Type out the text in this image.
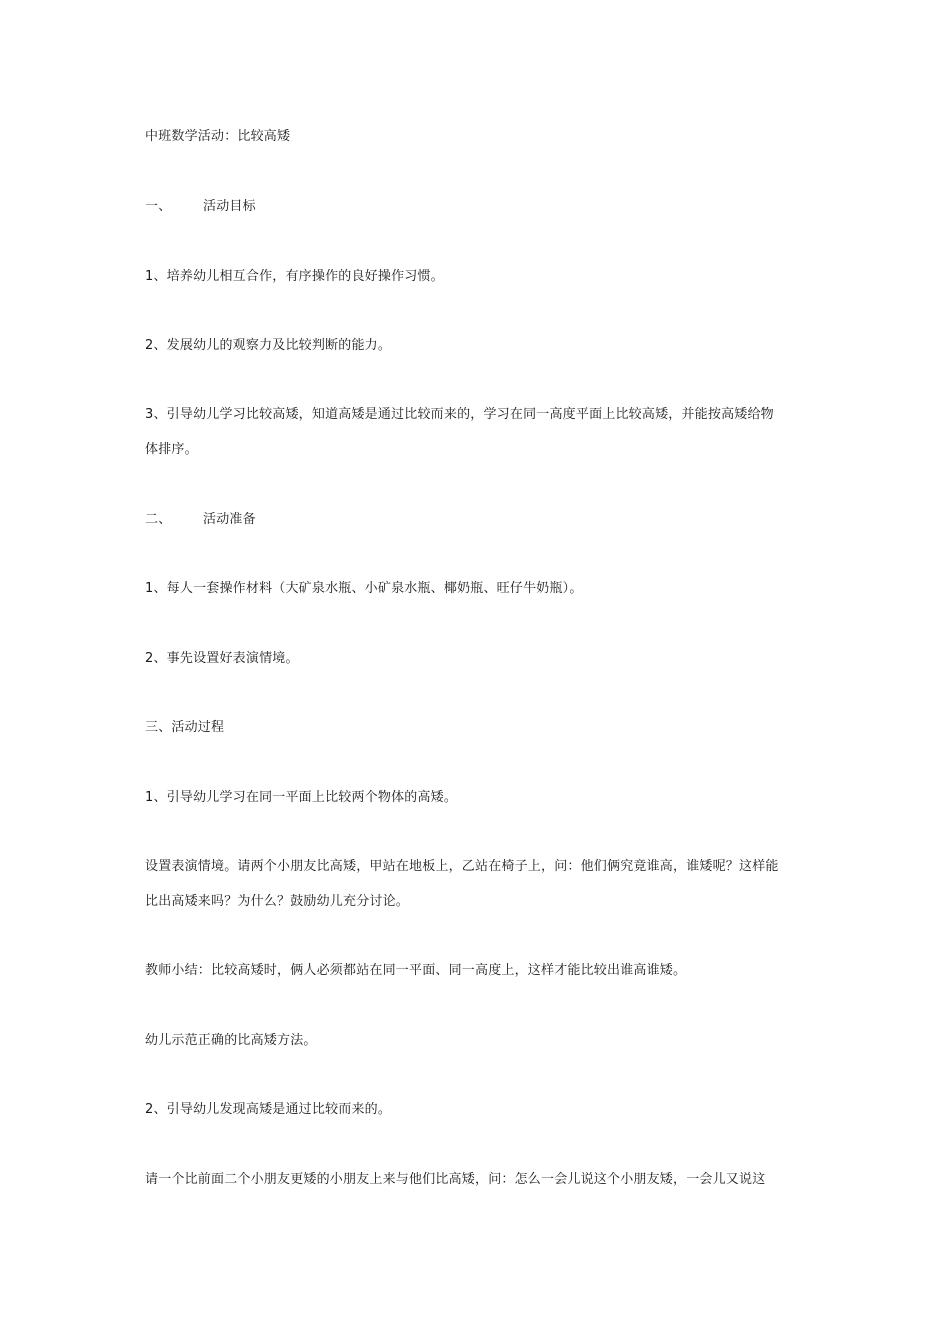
中班数学活动：比较高矮
一、 活动目标
1、培养幼儿相互合作，有序操作的良好操作习惯。
2、发展幼儿的观察力及比较判断的能力。
3、引导幼儿学习比较高矮，知道高矮是通过比较而来的，学习在同一高度平面上比较高矮，并能按高矮给物
体排序。
二、 活动准备
1、每人一套操作材料（大矿泉水瓶、小矿泉水瓶、椰奶瓶、旺仔牛奶瓶）。
2、事先设置好表演情境。
三、活动过程
1、引导幼儿学习在同一平面上比较两个物体的高矮。
设置表演情境。请两个小朋友比高矮，甲站在地板上，乙站在椅子上，问：他们俩究竟谁高，谁矮呢？这样能
比出高矮来吗？为什么？鼓励幼儿充分讨论。
教师小结：比较高矮时，俩人必须都站在同一平面、同一高度上，这样才能比较出谁高谁矮。
幼儿示范正确的比高矮方法。
2、引导幼儿发现高矮是通过比较而来的。
请一个比前面二个小朋友更矮的小朋友上来与他们比高矮，问：怎么一会儿说这个小朋友矮，一会儿又说这
